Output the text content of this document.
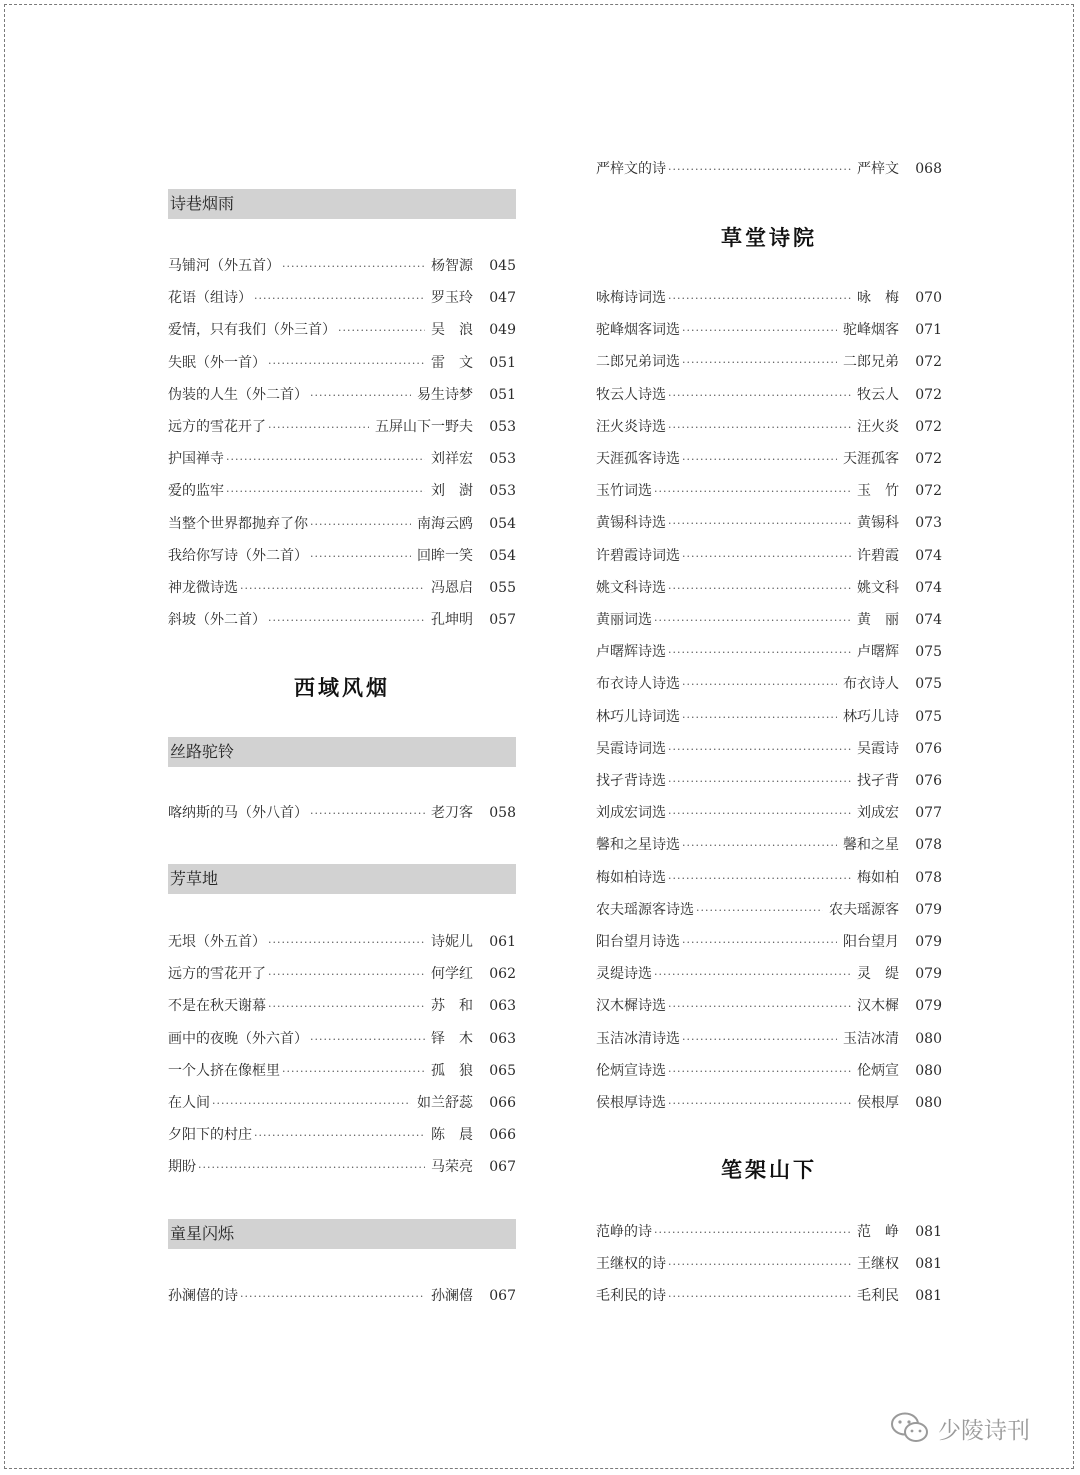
诗巷烟雨
马铺河（外五首） ·····	杨智源	045
花语（组诗） ·····	罗玉玲	047
爱情，只有我们（外三首） ·····	吴　浪	049
失眠（外一首） ·····	雷　文	051
伪装的人生（外二首） ·····	易生诗梦	051
远方的雪花开了 ·····	五屏山下一野夫	053
护国禅寺 ·····	刘祥宏	053
爱的监牢 ·····	刘　澍	053
当整个世界都抛弃了你 ·····	南海云鸥	054
我给你写诗（外二首） ·····	回眸一笑	054
神龙微诗选 ·····	冯恩启	055
斜坡（外二首） ·····	孔坤明	057
西域风烟
丝路驼铃
喀纳斯的马（外八首） ·····	老刀客	058
芳草地
无垠（外五首） ·····	诗妮儿	061
远方的雪花开了 ·····	何学红	062
不是在秋天谢幕 ·····	苏　和	063
画中的夜晚（外六首） ·····	铎　木	063
一个人挤在像框里 ·····	孤　狼	065
在人间 ·····	如兰舒蕊	066
夕阳下的村庄 ·····	陈　晨	066
期盼 ·····	马荣亮	067
童星闪烁
孙澜僖的诗 ·····	孙澜僖	067
严梓文的诗 ·····	严梓文	068
草堂诗院
咏梅诗词选 ·····	咏　梅	070
驼峰烟客词选 ·····	驼峰烟客	071
二郎兄弟词选 ·····	二郎兄弟	072
牧云人诗选 ·····	牧云人	072
汪火炎诗选 ·····	汪火炎	072
天涯孤客诗选 ·····	天涯孤客	072
玉竹词选 ·····	玉　竹	072
黄锡科诗选 ·····	黄锡科	073
许碧霞诗词选 ·····	许碧霞	074
姚文科诗选 ·····	姚文科	074
黄丽词选 ·····	黄　丽	074
卢曙辉诗选 ·····	卢曙辉	075
布衣诗人诗选 ·····	布衣诗人	075
林巧儿诗词选 ·····	林巧儿诗	075
吴霞诗词选 ·····	吴霞诗	076
找孑背诗选 ·····	找孑背	076
刘成宏词选 ·····	刘成宏	077
馨和之星诗选 ·····	馨和之星	078
梅如柏诗选 ·····	梅如柏	078
农夫瑶源客诗选 ·····	农夫瑶源客	079
阳台望月诗选 ·····	阳台望月	079
灵缇诗选 ·····	灵　缇	079
汉木樨诗选 ·····	汉木樨	079
玉洁冰清诗选 ·····	玉洁冰清	080
伦炳宣诗选 ·····	伦炳宣	080
侯根厚诗选 ·····	侯根厚	080
笔架山下
范峥的诗 ·····	范　峥	081
王继权的诗 ·····	王继权	081
毛利民的诗 ·····	毛利民	081
少陵诗刊
